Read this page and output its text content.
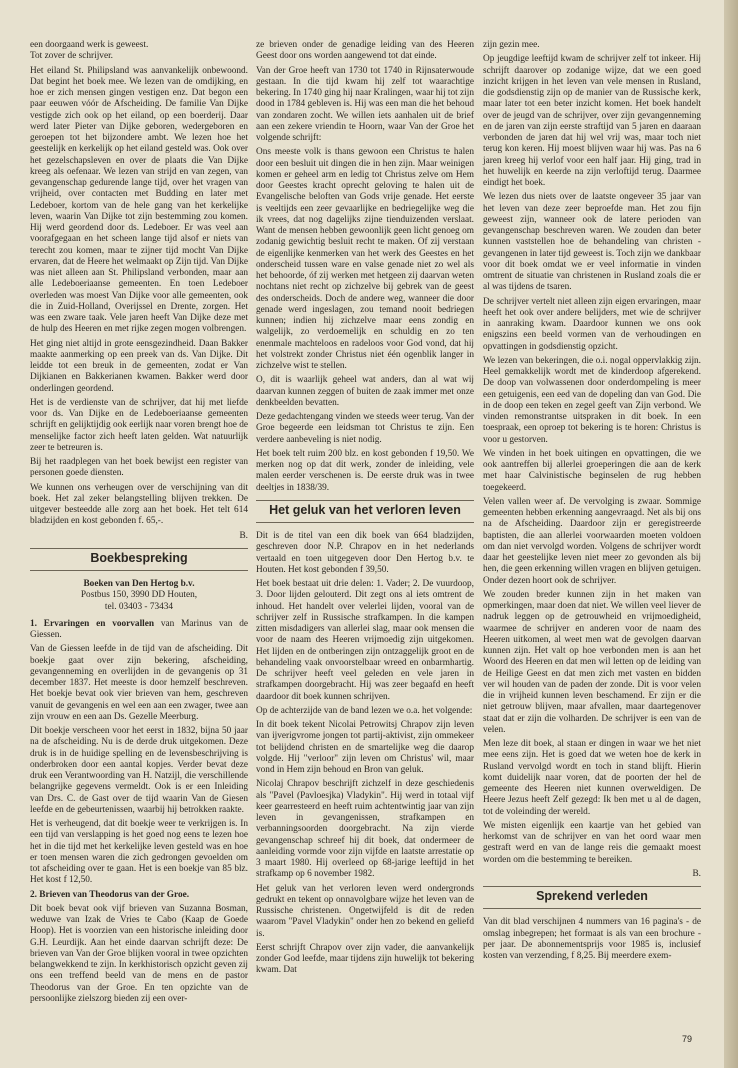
een doorgaand werk is geweest.
Tot zover de schrijver.

Het eiland St. Philipsland was aanvankelijk onbewoond. Dat begint het boek mee. We lezen van de omdijking, en hoe er zich mensen gingen vestigen enz. Dat begon een paar eeuwen vóór de Afscheiding. De familie Van Dijke vestigde zich ook op het eiland, op een boerderij. Daar werd later Pieter van Dijke geboren, wedergeboren en geroepen tot het bijzondere ambt. We lezen hoe het geestelijk en kerkelijk op het eiland gesteld was. Ook over het gezelschapsleven en over de plaats die Van Dijke kreeg als oefenaar. We lezen van strijd en van zegen, van gevangenschap gedurende lange tijd, over het vragen van vrijheid, over contacten met Budding en later met Ledeboer, kortom van de hele gang van het kerkelijke leven, waarin Van Dijke tot zijn bestemming zou komen. Hij werd geordend door ds. Ledeboer. Er was veel aan voorafgegaan en het scheen lange tijd alsof er niets van terecht zou komen, maar te zijner tijd mocht Van Dijke ervaren, dat de Heere het welmaakt op Zijn tijd. Van Dijke was niet alleen aan St. Philipsland verbonden, maar aan alle Ledeboeriaanse gemeenten. En toen Ledeboer overleden was moest Van Dijke voor alle gemeenten, ook die in Zuid-Holland, Overijssel en Drente, zorgen. Het was een zware taak. Vele jaren heeft Van Dijke deze met de hulp des Heeren en met rijke zegen mogen volbrengen.

Het ging niet altijd in grote eensgezindheid. Daan Bakker maakte aanmerking op een preek van ds. Van Dijke. Dit leidde tot een breuk in de gemeenten, zodat er Van Dijkianen en Bakkerianen kwamen. Bakker werd door onderlingen geordend.

Het is de verdienste van de schrijver, dat hij met liefde voor ds. Van Dijke en de Ledeboeriaanse gemeenten schrijft en gelijktijdig ook eerlijk naar voren brengt hoe de menselijke factor zich heeft laten gelden. Wat natuurlijk zeer te betreuren is.

Bij het raadplegen van het boek bewijst een register van personen goede diensten.

We kunnen ons verheugen over de verschijning van dit boek. Het zal zeker belangstelling blijven trekken. De uitgever besteedde alle zorg aan het boek. Het telt 614 bladzijden en kost gebonden f. 65,-.

B.
Boekbespreking
Boeken van Den Hertog b.v.
Postbus 150, 3990 DD Houten,
tel. 03403 - 73434

1. Ervaringen en voorvallen van Marinus van de Giessen.

Van de Giessen leefde in de tijd van de afscheiding. Dit boekje gaat over zijn bekering, afscheiding, gevangenneming en overlijden in de gevangenis op 31 december 1837. Het meeste is door hemzelf beschreven. Het boekje bevat ook vier brieven van hem, geschreven vanuit de gevangenis en wel een aan een zwager, twee aan zijn vrouw en een aan Ds. Gezelle Meerburg.

Dit boekje verscheen voor het eerst in 1832, bijna 50 jaar na de afscheiding. Nu is de derde druk uitgekomen. Deze druk is in de huidige spelling en de levensbeschrijving is onderbroken door een aantal kopjes. Verder bevat deze druk een Verantwoording van H. Natzijl, die verschillende belangrijke gegevens vermeldt. Ook is er een Inleiding van Drs. C. de Gast over de tijd waarin Van de Giesen leefde en de gebeurtenissen, waarbij hij betrokken raakte.

Het is verheugend, dat dit boekje weer te verkrijgen is. In een tijd van verslapping is het goed nog eens te lezen hoe het in die tijd met het kerkelijke leven gesteld was en hoe er toen mensen waren die zich gedrongen gevoelden om tot afscheiding over te gaan. Het is een boekje van 85 blz. Het kost f 12,50.

2. Brieven van Theodorus van der Groe.

Dit boek bevat ook vijf brieven van Suzanna Bosman, weduwe van Izak de Vries te Cabo (Kaap de Goede Hoop). Het is voorzien van een historische inleiding door G.H. Leurdijk. Aan het einde daarvan schrijft deze: De brieven van Van der Groe blijken vooral in twee opzichten belangwekkend te zijn. In kerkhistorisch opzicht geven zij ons een treffend beeld van de mens en de pastor Theodorus van der Groe. En ten opzichte van de persoonlijke zielszorg bieden zij een over-

ze brieven onder de genadige leiding van des Heeren Geest door ons worden aangewend tot dat einde.

Van der Groe heeft van 1730 tot 1740 in Rijnsaterwoude gestaan. In die tijd kwam hij zelf tot waarachtige bekering. In 1740 ging hij naar Kralingen, waar hij tot zijn dood in 1784 gebleven is. Hij was een man die het behoud van zondaren zocht. We willen iets aanhalen uit de brief aan een zekere vriendin te Hoorn, waar Van der Groe het volgende schrijft:

Ons meeste volk is thans gewoon een Christus te halen door een besluit uit dingen die in hen zijn. Maar weinigen komen er geheel arm en ledig tot Christus zelve om Hem door Geestes kracht oprecht geloving te halen uit de Evangelische beloften van Gods vrije genade. Het eerste is veeltijds een zeer gevaarlijke en bedriegelijke weg die ik vrees, dat nog dagelijks zijne tienduizenden verslaat. Want de mensen hebben gewoonlijk geen licht genoeg om zodanig gewichtig besluit recht te maken. Of zij verstaan de eigenlijke kenmerken van het werk des Geestes en het onderscheid tussen ware en valse genade niet zo wel als het behoorde, óf zij werken met hetgeen zij daarvan weten nochtans niet recht op zichzelve bij gebrek van de geest des onderscheids. Doch de andere weg, wanneer die door genade werd ingeslagen, zou temand nooit bedriegen kunnen; indien hij zichzelve maar eens zondig en walgelijk, zo verdoemelijk en schuldig en zo ten enenmale machteloos en radeloos voor God vond, dat hij het volstrekt zonder Christus niet één ogenblik langer in zichzelve wist te stellen.

O, dit is waarlijk geheel wat anders, dan al wat wij daarvan kunnen zeggen of buiten de zaak immer met onze denkbeelden bevatten.

Deze gedachtengang vinden we steeds weer terug. Van der Groe begeerde een leidsman tot Christus te zijn. Een verdere aanbeveling is niet nodig.

Het boek telt ruim 200 blz. en kost gebonden f 19,50. We merken nog op dat dit werk, zonder de inleiding, vele malen eerder verschenen is. De eerste druk was in twee deeltjes in 1838/39.

Het geluk van het verloren leven

Dit is de titel van een dik boek van 664 bladzijden, geschreven door N.P. Chrapov en in het nederlands vertaald en toen uitgegeven door Den Hertog b.v. te Houten. Het kost gebonden f 39,50.

Het boek bestaat uit drie delen: 1. Vader; 2. De vuurdoop, 3. Door lijden gelouterd. Dit zegt ons al iets omtrent de inhoud. Het handelt over velerlei lijden, vooral van de schrijver zelf in Russische strafkampen. In die kampen zitten misdadigers van allerlei slag, maar ook mensen die voor de naam des Heeren vrijmoedig zijn uitgekomen. Het lijden en de ontberingen zijn ontzaggelijk groot en de behandeling vaak onvoorstelbaar wreed en onbarmhartig. De schrijver heeft veel geleden en vele jaren in strafkampen doorgebracht. Hij was zeer begaafd en heeft daardoor dit boek kunnen schrijven.

Op de achterzijde van de band lezen we o.a. het volgende:

In dit boek tekent Nicolai Petrowitsj Chrapov zijn leven van ijverigvrome jongen tot partij-aktivist, zijn ommekeer tot belijdend christen en de smartelijke weg die daarop volgde. Hij "verloor" zijn leven om Christus' wil, maar vond in Hem zijn behoud en Bron van geluk.

Nicolaj Chrapov beschrijft zichzelf in deze geschiedenis als "Pavel (Pavloesjka) Vladykin". Hij werd in totaal vijf keer gearresteerd en heeft ruim achtentwintig jaar van zijn leven in gevangenissen, strafkampen en verbanningsoorden doorgebracht. Na zijn vierde gevangenschap schreef hij dit boek, dat ondermeer de aanleiding vormde voor zijn vijfde en laatste arrestatie op 3 maart 1980. Hij overleed op 68-jarige leeftijd in het strafkamp op 6 november 1982.

Het geluk van het verloren leven werd ondergronds gedrukt en tekent op onnavolgbare wijze het leven van de Russische christenen. Ongetwijfeld is dit de reden waarom "Pavel Vladykin" onder hen zo bekend en geliefd is.

Eerst schrijft Chrapov over zijn vader, die aanvankelijk zonder God leefde, maar tijdens zijn huwelijk tot bekering kwam. Dat

zijn gezin mee.

Op jeugdige leeftijd kwam de schrijver zelf tot inkeer. Hij schrijft daarover op zodanige wijze, dat we een goed inzicht krijgen in het leven van vele mensen in Rusland, die godsdienstig zijn op de manier van de Russische kerk, maar later tot een beter inzicht komen. Het boek handelt over de jeugd van de schrijver, over zijn gevangenneming en de jaren van zijn eerste straftijd van 5 jaren en daaraan verbonden de jaren dat hij wel vrij was, maar toch niet terug kon keren. Hij moest blijven waar hij was. Pas na 6 jaren kreeg hij verlof voor een half jaar. Hij ging, trad in het huwelijk en keerde na zijn verloftijd terug. Daarmee eindigt het boek.

We lezen dus niets over de laatste ongeveer 35 jaar van het leven van deze zeer beproefde man. Het zou fijn geweest zijn, wanneer ook de latere perioden van gevangenschap beschreven waren. We zouden dan beter kunnen vaststellen hoe de behandeling van christen - gevangenen in later tijd geweest is. Toch zijn we dankbaar voor dit boek omdat we er veel informatie in vinden omtrent de situatie van christenen in Rusland zoals die er al was tijdens de tsaren.

De schrijver vertelt niet alleen zijn eigen ervaringen, maar heeft het ook over andere belijders, met wie de schrijver in aanraking kwam. Daardoor kunnen we ons ook enigszins een beeld vormen van de verhoudingen en opvattingen in godsdienstig opzicht.

We lezen van bekeringen, die o.i. nogal oppervlakkig zijn. Heel gemakkelijk wordt met de kinderdoop afgerekend. De doop van volwassenen door onderdompeling is meer een getuigenis, een eed van de dopeling dan van God. Die in de doop een teken en zegel geeft van Zijn verbond. We vinden remonstrantse uitspraken in dit boek. In een toespraak, een oproep tot bekering is te horen: Christus is voor u gestorven.

We vinden in het boek uitingen en opvattingen, die we ook aantreffen bij allerlei groeperingen die aan de kerk met haar Calvinistische beginselen de rug hebben toegekeerd.

Velen vallen weer af. De vervolging is zwaar. Sommige gemeenten hebben erkenning aangevraagd. Net als bij ons na de Afscheiding. Daardoor zijn er geregistreerde baptisten, die aan allerlei voorwaarden moeten voldoen om dan niet vervolgd worden. Volgens de schrijver wordt daar het geestelijke leven niet meer zo gevonden als bij hen, die geen erkenning willen vragen en blijven getuigen. Onder dezen hoort ook de schrijver.

We zouden breder kunnen zijn in het maken van opmerkingen, maar doen dat niet. We willen veel liever de nadruk leggen op de getrouwheid en vrijmoedigheid, waarmee de schrijver en anderen voor de naam des Heeren uitkomen, al weet men wat de gevolgen daarvan kunnen zijn. Het valt op hoe verbonden men is aan het Woord des Heeren en dat men wil letten op de leiding van de Heilige Geest en dat men zich met vasten en bidden ver wil houden van de paden der zonde. Dit is voor velen die in vrijheid kunnen leven beschamend. Er zijn er die niet getrouw blijven, maar afvallen, maar daartegenover staat dat er zijn die volharden. De schrijver is een van de velen.

Men leze dit boek, al staan er dingen in waar we het niet mee eens zijn. Het is goed dat we weten hoe de kerk in Rusland vervolgd wordt en toch in stand blijft. Hierin komt duidelijk naar voren, dat de poorten der hel de gemeente des Heeren niet kunnen overweldigen. De Heere Jezus heeft Zelf gezegd: Ik ben met u al de dagen, tot de voleinding der wereld.

We misten eigenlijk een kaartje van het gebied van herkomst van de schrijver en van het oord waar men gestraft werd en van de lange reis die gemaakt moest worden om die bestemming te bereiken.

B.
Sprekend verleden

Van dit blad verschijnen 4 nummers van 16 pagina's - de omslag inbegrepen; het formaat is als van een brochure - per jaar. De abonnementsprijs voor 1985 is, inclusief kosten van verzending, f 8,25. Bij meerdere exem-

79
